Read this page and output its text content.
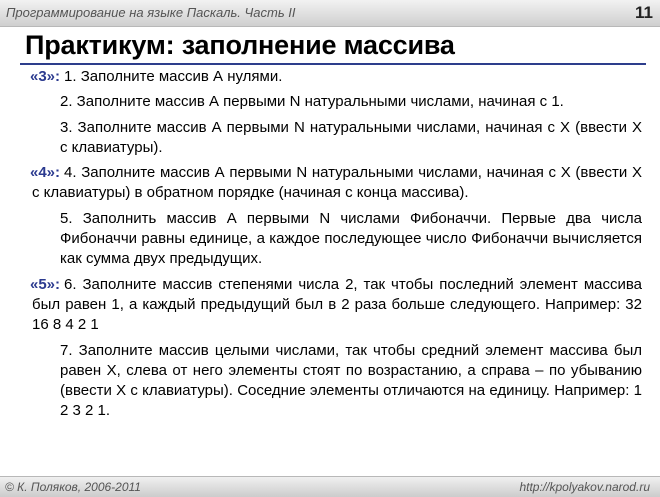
Программирование на языке Паскаль. Часть II	11
Практикум: заполнение массива

«3»: 1. Заполните массив А нулями.

2. Заполните массив А первыми N натуральными числами, начиная с 1.

3. Заполните массив А первыми N натуральными числами, начиная с X (ввести X с клавиатуры).

«4»: 4. Заполните массив А первыми N натуральными числами, начиная с X (ввести X с клавиатуры) в обратном порядке (начиная с конца массива).

5. Заполнить массив А первыми N числами Фибоначчи. Первые два числа Фибоначчи равны единице, а каждое последующее число Фибоначчи вычисляется как сумма двух предыдущих.

«5»: 6. Заполните массив степенями числа 2, так чтобы последний элемент массива был равен 1, а каждый предыдущий был в 2 раза больше следующего. Например: 32 16 8 4 2 1

7. Заполните массив целыми числами, так чтобы средний элемент массива был равен X, слева от него элементы стоят по возрастанию, а справа – по убыванию (ввести X с клавиатуры). Соседние элементы отличаются на единицу. Например: 1 2 3 2 1.

© К. Поляков, 2006-2011	http://kpolyakov.narod.ru
